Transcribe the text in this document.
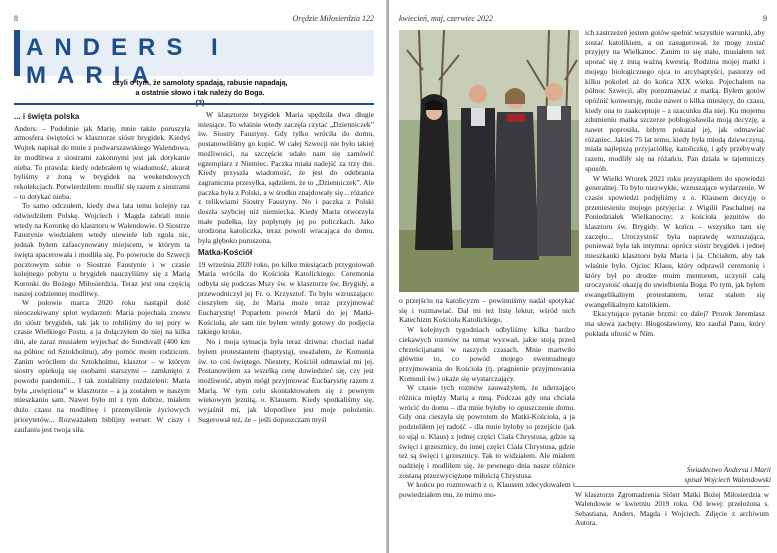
8	Orędzie Miłosierdzia 122
ANDERS I MARIA
czyli o tym, że samoloty spadają, rabusie napadają, a ostatnie słowo i tak należy do Boga.
... i święta polska

Anders: – Podobnie jak Marię, mnie także poruszyła atmosfera świętości w klasztorze sióstr brygidek. Kiedyś Wojtek napisał do mnie z podwarszawskiego Walendowa, że modlitwa z siostrami zakonnymi jest jak dotykanie nieba. To prawda: kiedy odebrałem tę wiadomość, akurat byliśmy z żoną w brygidek na weekendowych rekolekcjach. Potwierdziłem: modlić się razem z siostrami – to dotykać nieba.

To samo odczułem, kiedy dwa lata temu kolejny raz odwiedziłem Polskę. Wojciech i Magda zabrali mnie wtedy na Koronkę do klasztoru w Walendowie. O Siostrze Faustynie wiedziałem wtedy niewiele lub zgoła nic, jednak byłem zafascynowany miejscem, w którym ta święta spacerowała i modliła się. Po powrocie do Szwecji pocztowym sobie o Siostrze Faustynie i w czasie kolejnego pobytu u brygidek nauczyliśmy się z Marią Koronki do Bożego Miłosierdzia. Teraz jest ona częścią naszej codziennej modlitwy.

W połowie marca 2020 roku nastąpił dość nieoczekiwany splot wydarzeń: Maria pojechała znowu do sióstr brygidek, tak jak to robiliśmy do tej pory w czasie Wielkiego Postu, a ja dołączyłem do niej na kilka dni, ale zaraz musiałem wyjechać do Sundsvall (400 km na północ od Sztokholmu), aby pomóc moim rodzicom. Zanim wróciłem do Sztokholmu, klasztor – w którym siostry opiekują się osobami starszymi – zamknięto z powodu pandemii... I tak zostaliśmy rozdzieleni: Maria była „uwięziona” w klasztorze – a ja zostałem w naszym mieszkaniu sam. Nawet było mi z tym dobrze, miałem dużo czasu na modlitwę i przemyślenie życiowych priorytetów... Rozważałem biblijny werset: W ciszy i zaufaniu jest twoja siła.

W klasztorze brygidek Maria spędziła dwa długie miesiące. To właśnie wtedy zaczęła czytać „Dzienniczek” św. Siostry Faustyny. Gdy tylko wróciła do domu, postanowiliśmy go kupić. W całej Szwecji nie było takiej możliwości, na szczęście udało nam się zamówić egzemplarz z Niemiec. Paczka miała nadejść za trzy dni. Kiedy przyszła wiadomość, że jest do odebrania zagraniczna przesyłka, sądziłem, że to „Dzienniczek”. Ale paczka była z Polski, a w środku znajdowały się... różańce z relikwiami Siostry Faustyny. No i paczka z Polski doszła szybciej niż niemiecka. Kiedy Maria otworzyła małe pudełka, łzy popłynęły jej po policzkach. Jako urodzona katoliczka, teraz powoli wracająca do domu, była głęboko poruszona.

Matka-Kościół

19 września 2020 roku, po kilku miesiącach przygotowań Maria wróciła do Kościoła Katolickiego. Ceremonia odbyła się podczas Mszy św. w klasztorze św. Brygidy, a przewodniczył jej Fr. o. Krzysztof. To było wzruszające: cieszyłem się, że Maria może teraz przyjmować Eucharystię! Poparłem powrót Marii do jej Matki-Kościoła, ale sam nie byłem wtedy gotowy do podjęcia takiego kroku.

No i moja sytuacja była teraz dziwna: chociaż nadal byłem protestantem (baptystą), uważałem, że Komunia św. to coś świętego. Niestety, Kościół odmawiał mi jej. Postanowiłem za wszelką cenę dowiedzieć się, czy jest możliwość, abym mógł przyjmować Eucharystię razem z Marią. W tym celu skontaktowałem się z pewnym wiekowym jezuitą, o. Klausem. Kiedy spotkaliśmy się, wyjaśnił mi, jak kłopotliwe jest moje położenie. Sugerował też, że – jeśli dopuszczam myśl

kwiecień, maj, czerwiec 2022	9

o przejściu na katolicyzm – powinniśmy nadal spotykać się i rozmawiać. Dał mi też listę lektur, wśród nich Katechizm Kościoła Katolickiego.

W kolejnych tygodniach odbyliśmy kilka bardzo ciekawych rozmów na temat wyzwań, jakie stoją przed chrześcijanami w naszych czasach. Mnie martwiło głównie to, co powód mojego ewentualnego przyjmowania do Kościoła (tj. pragnienie przyjmowania Komunii św.) okaże się wystarczający.

W czasie tych rozmów zauważyłem, że uderzająco różnica między Marią a mną. Podczas gdy ona chciała wrócić do domu – dla mnie byłoby to opuszczenie domu. Gdy ona cieszyła się powrotem do Matki-Kościoła, a ja podzieliłem jej radość – dla mnie byłoby to przejście (jak to ujął o. Klaus) z jednej części Ciała Chrystusa, gdzie są święci i grzesznicy, do innej części Ciała Chrystusa, gdzie też są święci i grzesznicy. Tak to widziałem. Ale miałem nadzieję i modliłem się, że pewnego dnia nasze różnice zostaną przezwyciężone miłością Chrystusa.

W końcu po rozmowach z o. Klausem zdecydowałem i powiedziałem mu, że mimo mo-

ich zastrzeżeń jestem gotów spełnić wszystkie warunki, aby zostać katolikiem, a on zasugerował, że mogę zostać przyjęty na Wielkanoc. Zanim to się stało, musiałem też uporać się z inną ważną kwestią. Rodzina mojej matki i mojego biologicznego ojca to arcybaptyści, pastorzy od kilku pokoleń aż do końca XIX wieku. Pojechałem na północ Szwecji, aby porozmawiać z matką. Byłem gotów opóźnić konwersję, może nawet o kilka miesięcy, do czasu, kiedy ona to zaakceptuje – z szacunku dla niej. Ku mojemu zdumieniu matka szczerze pobłogosławiła moją decyzję, a nawet poprosiła, żebym pokazał jej, jak odmawiać różaniec. Jakieś 75 lat temu, kiedy była młodą dziewczyną, miała najlepszą przyjaciółkę, katoliczkę, i gdy przebywały razem, modliły się na różańcu. Pan działa w tajemniczy sposób.

W Wielki Wtorek 2021 roku przystąpiłem do spowiedzi generalnej. To było niezwykłe, wzruszające wydarzenie. W czasie spowiedzi podjęliśmy z o. Klausem decyzję o przeniesieniu mojego przyjęcia: z Wigilii Paschalnej na Poniedziałek Wielkanocny; z kościoła jezuitów do klasztoru św. Brygidy. W końcu – wszystko tam się zaczęło... Uroczystość była naprawdę wzruszająca, ponieważ była tak intymna: oprócz sióstr brygidek i jednej mieszkanki klasztoru była Maria i ja. Chciałem, aby tak właśnie było. Ojciec Klaus, który odprawił ceremonię i który był po drodze moim mentorem, uczynił całą uroczystość okazją do uwielbienia Boga. Po tym, jak byłem ewangelikalnym protestantem, teraz stałem się ewangelikalnym katolikiem.

Ekscytujące pytanie brzmi: co dalej? Prorok Jeremiasz ma słowa zachęty: Błogosławiony, kto zaufał Panu, który pokłada ufność w Nim.

Świadectwo Andersa i Marii
spisał Wojciech Walendowski
W klasztorze Zgromadzenia Sióstr Matki Bożej Miłosierdzia w Walendowie w kwietniu 2019 roku. Od lewej: przełożona s. Sebastiana, Anders, Magda i Wojciech. Zdjęcie z archiwum Autora.
